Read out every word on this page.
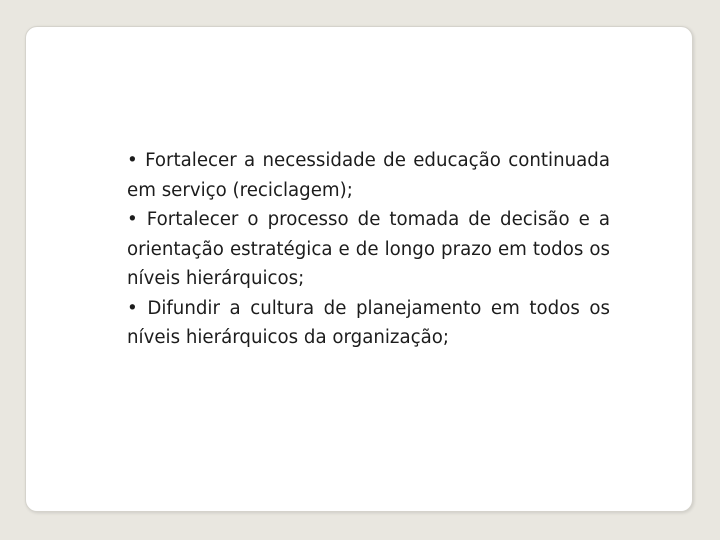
• Fortalecer a necessidade de educação continuada em serviço (reciclagem);

• Fortalecer o processo de tomada de decisão e a orientação estratégica e de longo prazo em todos os níveis hierárquicos;

• Difundir a cultura de planejamento em todos os níveis hierárquicos da organização;
